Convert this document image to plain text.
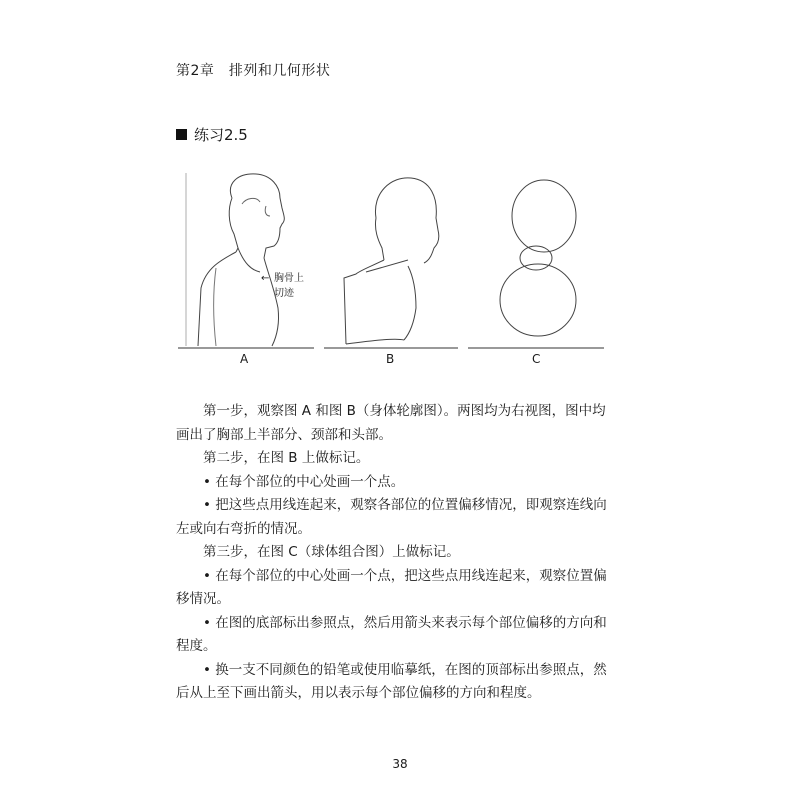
第2章　排列和几何形状
练习2.5
← 胸骨上
切迹
A	B	C

第一步，观察图 A 和图 B（身体轮廓图）。两图均为右视图，图中均画出了胸部上半部分、颈部和头部。

第二步，在图 B 上做标记。

• 在每个部位的中心处画一个点。

• 把这些点用线连起来，观察各部位的位置偏移情况，即观察连线向左或向右弯折的情况。

第三步，在图 C（球体组合图）上做标记。

• 在每个部位的中心处画一个点，把这些点用线连起来，观察位置偏移情况。

• 在图的底部标出参照点，然后用箭头来表示每个部位偏移的方向和程度。

• 换一支不同颜色的铅笔或使用临摹纸，在图的顶部标出参照点，然后从上至下画出箭头，用以表示每个部位偏移的方向和程度。

38
